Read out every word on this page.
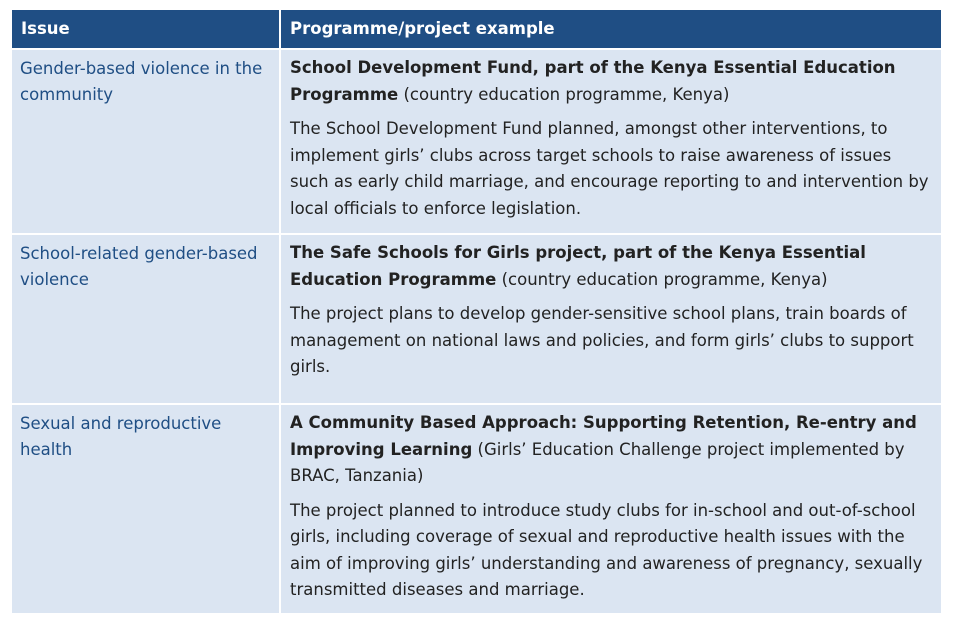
Issue	Programme/project example
Gender-based violence in the community
School Development Fund, part of the Kenya Essential Education Programme (country education programme, Kenya)
The School Development Fund planned, amongst other interventions, to implement girls’ clubs across target schools to raise awareness of issues such as early child marriage, and encourage reporting to and intervention by local officials to enforce legislation.
School-related gender-based violence
The Safe Schools for Girls project, part of the Kenya Essential Education Programme (country education programme, Kenya)
The project plans to develop gender-sensitive school plans, train boards of management on national laws and policies, and form girls’ clubs to support girls.
Sexual and reproductive health
A Community Based Approach: Supporting Retention, Re-entry and Improving Learning (Girls’ Education Challenge project implemented by BRAC, Tanzania)
The project planned to introduce study clubs for in-school and out-of-school girls, including coverage of sexual and reproductive health issues with the aim of improving girls’ understanding and awareness of pregnancy, sexually transmitted diseases and marriage.
